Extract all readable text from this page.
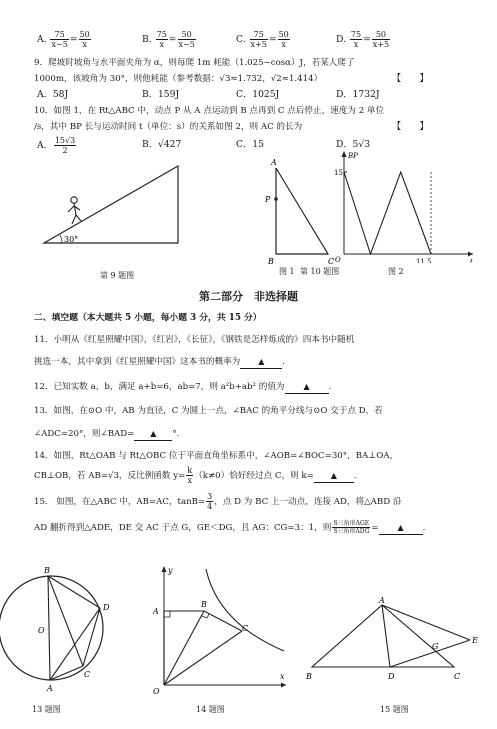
A. $\frac{75}{x-5} = \frac{50}{x}$	B. $\frac{75}{x} = \frac{50}{x-5}$	C. $\frac{75}{x+5} = \frac{50}{x}$	D. $\frac{75}{x} = \frac{50}{x+5}$
9．爬坡时坡角与水平面夹角为 α，则每爬 1m 耗能（1.025−cosα）J，若某人爬了
1000m，该坡角为 30°，则他耗能（参考数据：√3≈1.732，√2≈1.414）	【　　】
A．58J	B．159J	C．1025J	D．1732J
10．如图 1，在 Rt△ABC 中，动点 P 从 A 点运动到 B 点再到 C 点后停止，速度为 2 单位
/s，其中 BP 长与运动时间 t（单位：s）的关系如图 2，则 AC 的长为	【　　】
A． $\frac{15√3}{2}$	B．√427	C．15	D．5√3
30°
第 9 题图
A
P
B	C
BP
15
O	11.5	t
图 1 第 10 题图	图 2
第二部分　非选择题
二、填空题（本大题共 5 小题，每小题 3 分，共 15 分）
11．小明从《红星照耀中国》，《红岩》，《长征》，《钢铁是怎样炼成的》四本书中随机
挑选一本，其中拿到《红星照耀中国》这本书的概率为 ▲ .
12．已知实数 a，b，满足 a+b=6，ab=7，则 a²b+ab² 的值为 ▲ .
13．如图，在⊙O 中，AB 为直径，C 为圆上一点，∠BAC 的角平分线与⊙O 交于点 D，若
∠ADC=20°，则∠BAD= ▲ °.
14．如图，Rt△OAB 与 Rt△OBC 位于平面直角坐标系中，∠AOB=∠BOC=30°，BA⊥OA，
CB⊥OB，若 AB=√3，反比例函数 $y= \frac{k}{x} (k\ne 0)$恰好经过点 C，则 k= ▲ .
15． 如图，在△ABC 中，AB=AC，$\tan B= \frac{3}{4}$ ，点 D 为 BC 上一动点，连接 AD，将△ABD 沿
AD 翻折得到△ADE，DE 交 AC 于点 G，GE＜DG，且 AG：CG=3：1，则 $\frac{\text{S三角形AGE}}{\text{S三角形ADG}}$ = ▲ .
B
D
O
C
A
13 题图
y
A
B
C
O
x
14 题图
A
B	D
G
E
C
15 题图
